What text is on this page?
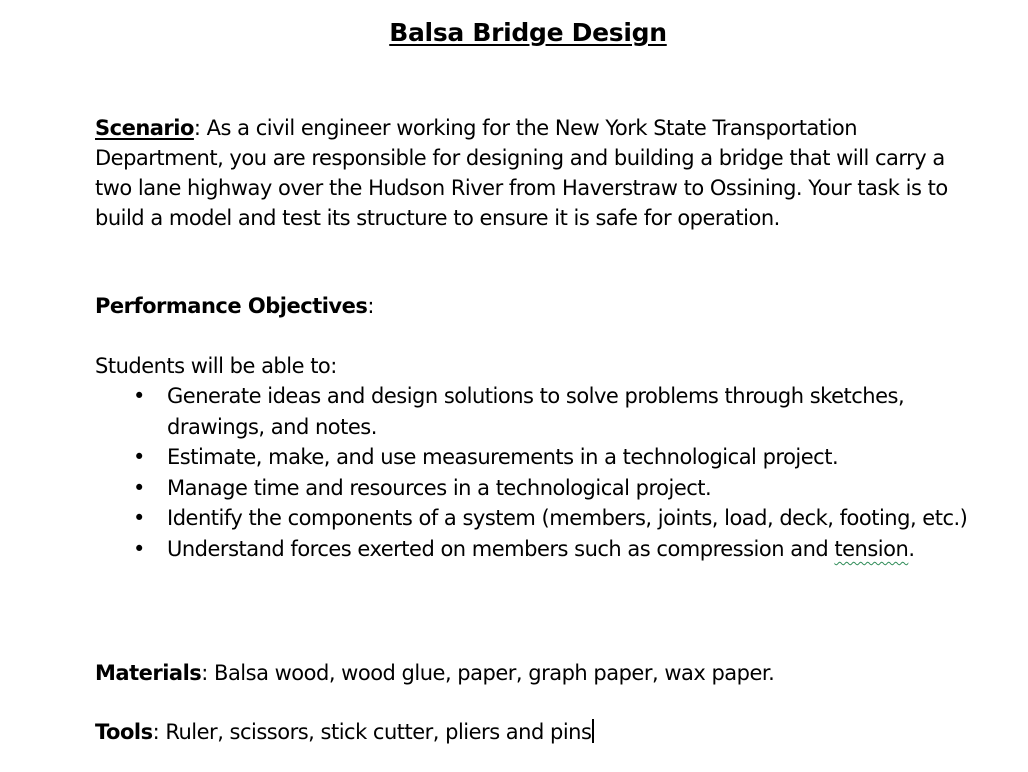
Balsa Bridge Design
Scenario: As a civil engineer working for the New York State Transportation Department, you are responsible for designing and building a bridge that will carry a two lane highway over the Hudson River from Haverstraw to Ossining. Your task is to build a model and test its structure to ensure it is safe for operation.
Performance Objectives:
Students will be able to:
• Generate ideas and design solutions to solve problems through sketches, drawings, and notes.
• Estimate, make, and use measurements in a technological project.
• Manage time and resources in a technological project.
• Identify the components of a system (members, joints, load, deck, footing, etc.)
• Understand forces exerted on members such as compression and tension.
Materials: Balsa wood, wood glue, paper, graph paper, wax paper.
Tools: Ruler, scissors, stick cutter, pliers and pins
